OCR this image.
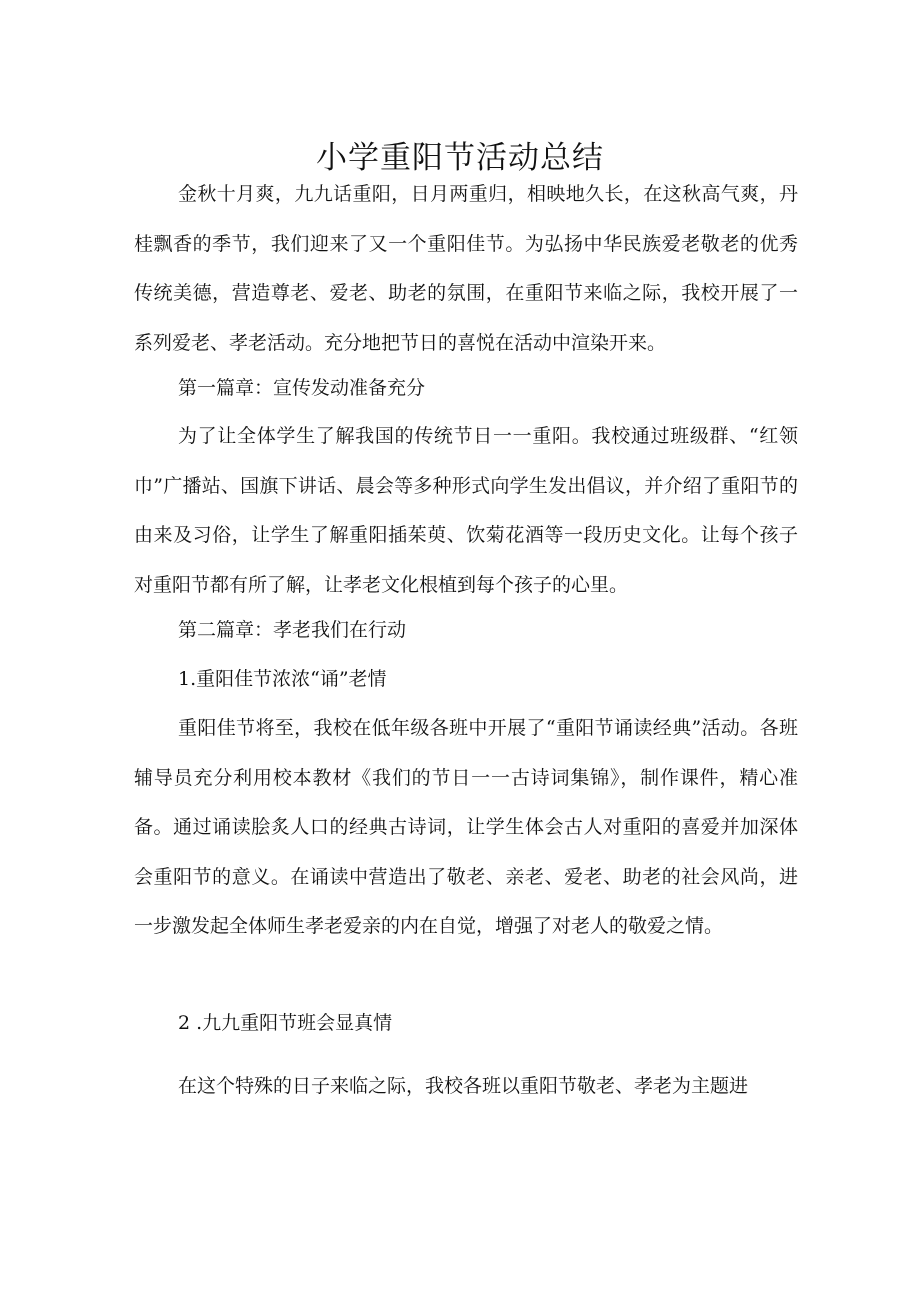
小学重阳节活动总结

金秋十月爽，九九话重阳，日月两重归，相映地久长，在这秋高气爽，丹桂飘香的季节，我们迎来了又一个重阳佳节。为弘扬中华民族爱老敬老的优秀传统美德，营造尊老、爱老、助老的氛围，在重阳节来临之际，我校开展了一系列爱老、孝老活动。充分地把节日的喜悦在活动中渲染开来。

第一篇章：宣传发动准备充分

为了让全体学生了解我国的传统节日一一重阳。我校通过班级群、“红领巾”广播站、国旗下讲话、晨会等多种形式向学生发出倡议，并介绍了重阳节的由来及习俗，让学生了解重阳插茱萸、饮菊花酒等一段历史文化。让每个孩子对重阳节都有所了解，让孝老文化根植到每个孩子的心里。

第二篇章：孝老我们在行动

1.重阳佳节浓浓“诵”老情

重阳佳节将至，我校在低年级各班中开展了“重阳节诵读经典”活动。各班辅导员充分利用校本教材《我们的节日一一古诗词集锦》，制作课件，精心准备。通过诵读脍炙人口的经典古诗词，让学生体会古人对重阳的喜爱并加深体会重阳节的意义。在诵读中营造出了敬老、亲老、爱老、助老的社会风尚，进一步激发起全体师生孝老爱亲的内在自觉，增强了对老人的敬爱之情。

2 .九九重阳节班会显真情

在这个特殊的日子来临之际，我校各班以重阳节敬老、孝老为主题进
